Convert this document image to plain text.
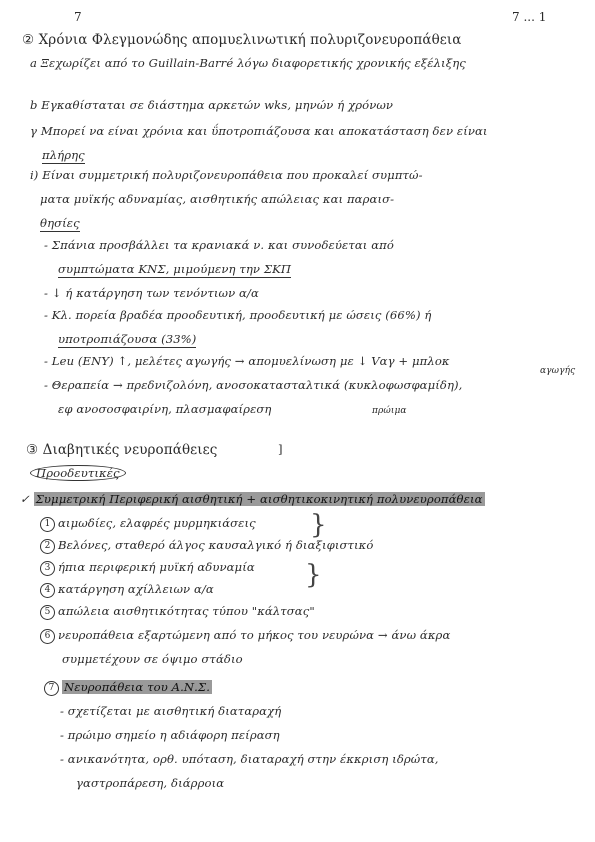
7	7 ... 1
② Χρόνια Φλεγμονώδης απομυελινωτική πολυριζονευροπάθεια
a Ξεχωρίζει από το Guillain-Barré λόγω διαφορετικής χρονικής εξέλιξης
b Εγκαθίσταται σε διάστημα αρκετών wks, μηνών ή χρόνων
γ Μπορεί να είναι χρόνια και ΰποτροπιάζουσα και αποκατάσταση δεν είναι
πλήρης
i) Είναι συμμετρική πολυριζονευροπάθεια που προκαλεί συμπτώ-
ματα μυϊκής αδυναμίας, αισθητικής απώλειας και παραισ-
θησίες
- Σπάνια προσβάλλει τα κρανιακά ν. και συνοδεύεται από
συμπτώματα ΚΝΣ, μιμούμενη την ΣΚΠ
- ↓ ή κατάργηση των τενόντιων α/α
- Κλ. πορεία βραδέα προοδευτική, προοδευτική με ώσεις (66%) ή
υποτροπιάζουσα (33%)
- Leu (ENY) ↑, μελέτες αγωγής → απομυελίνωση με ↓ Vαγ + μπλοκ
αγωγής
- Θεραπεία → πρεδνιζολόνη, ανοσοκατασταλτικά (κυκλοφωσφαμίδη),
εφ ανοσοσφαιρίνη, πλασμαφαίρεση	πρώιμα
③ Διαβητικές νευροπάθειες	]
Προοδευτικές
✓ Συμμετρική Περιφερική αισθητική + αισθητικοκινητική πολυνευροπάθεια
1 αιμωδίες, ελαφρές μυρμηκιάσεις
2 Βελόνες, σταθερό άλγος καυσαλγικό ή διαξιφιστικό
3 ήπια περιφερική μυϊκή αδυναμία
4 κατάργηση αχίλλειων α/α
5 απώλεια αισθητικότητας τύπου "κάλτσας"
6 νευροπάθεια εξαρτώμενη από το μήκος του νευρώνα → άνω άκρα
συμμετέχουν σε όψιμο στάδιο
}
}
7 Νευροπάθεια του Α.Ν.Σ.
- σχετίζεται με αισθητική διαταραχή
- πρώιμο σημείο η αδιάφορη πείραση
- ανικανότητα, ορθ. υπόταση, διαταραχή στην έκκριση ιδρώτα,
γαστροπάρεση, διάρροια
